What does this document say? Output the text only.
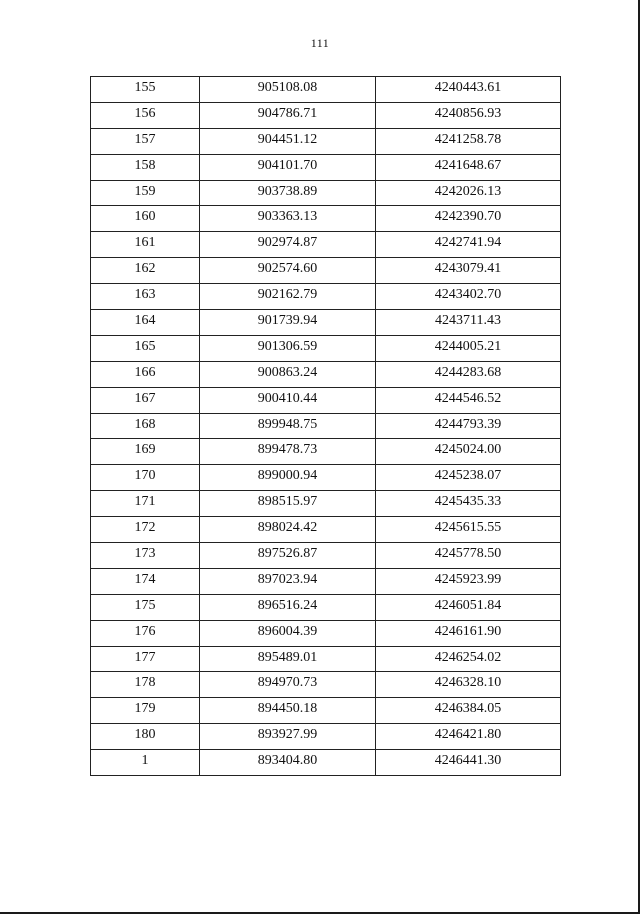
111
155	905108.08	4240443.61
156	904786.71	4240856.93
157	904451.12	4241258.78
158	904101.70	4241648.67
159	903738.89	4242026.13
160	903363.13	4242390.70
161	902974.87	4242741.94
162	902574.60	4243079.41
163	902162.79	4243402.70
164	901739.94	4243711.43
165	901306.59	4244005.21
166	900863.24	4244283.68
167	900410.44	4244546.52
168	899948.75	4244793.39
169	899478.73	4245024.00
170	899000.94	4245238.07
171	898515.97	4245435.33
172	898024.42	4245615.55
173	897526.87	4245778.50
174	897023.94	4245923.99
175	896516.24	4246051.84
176	896004.39	4246161.90
177	895489.01	4246254.02
178	894970.73	4246328.10
179	894450.18	4246384.05
180	893927.99	4246421.80
1	893404.80	4246441.30
